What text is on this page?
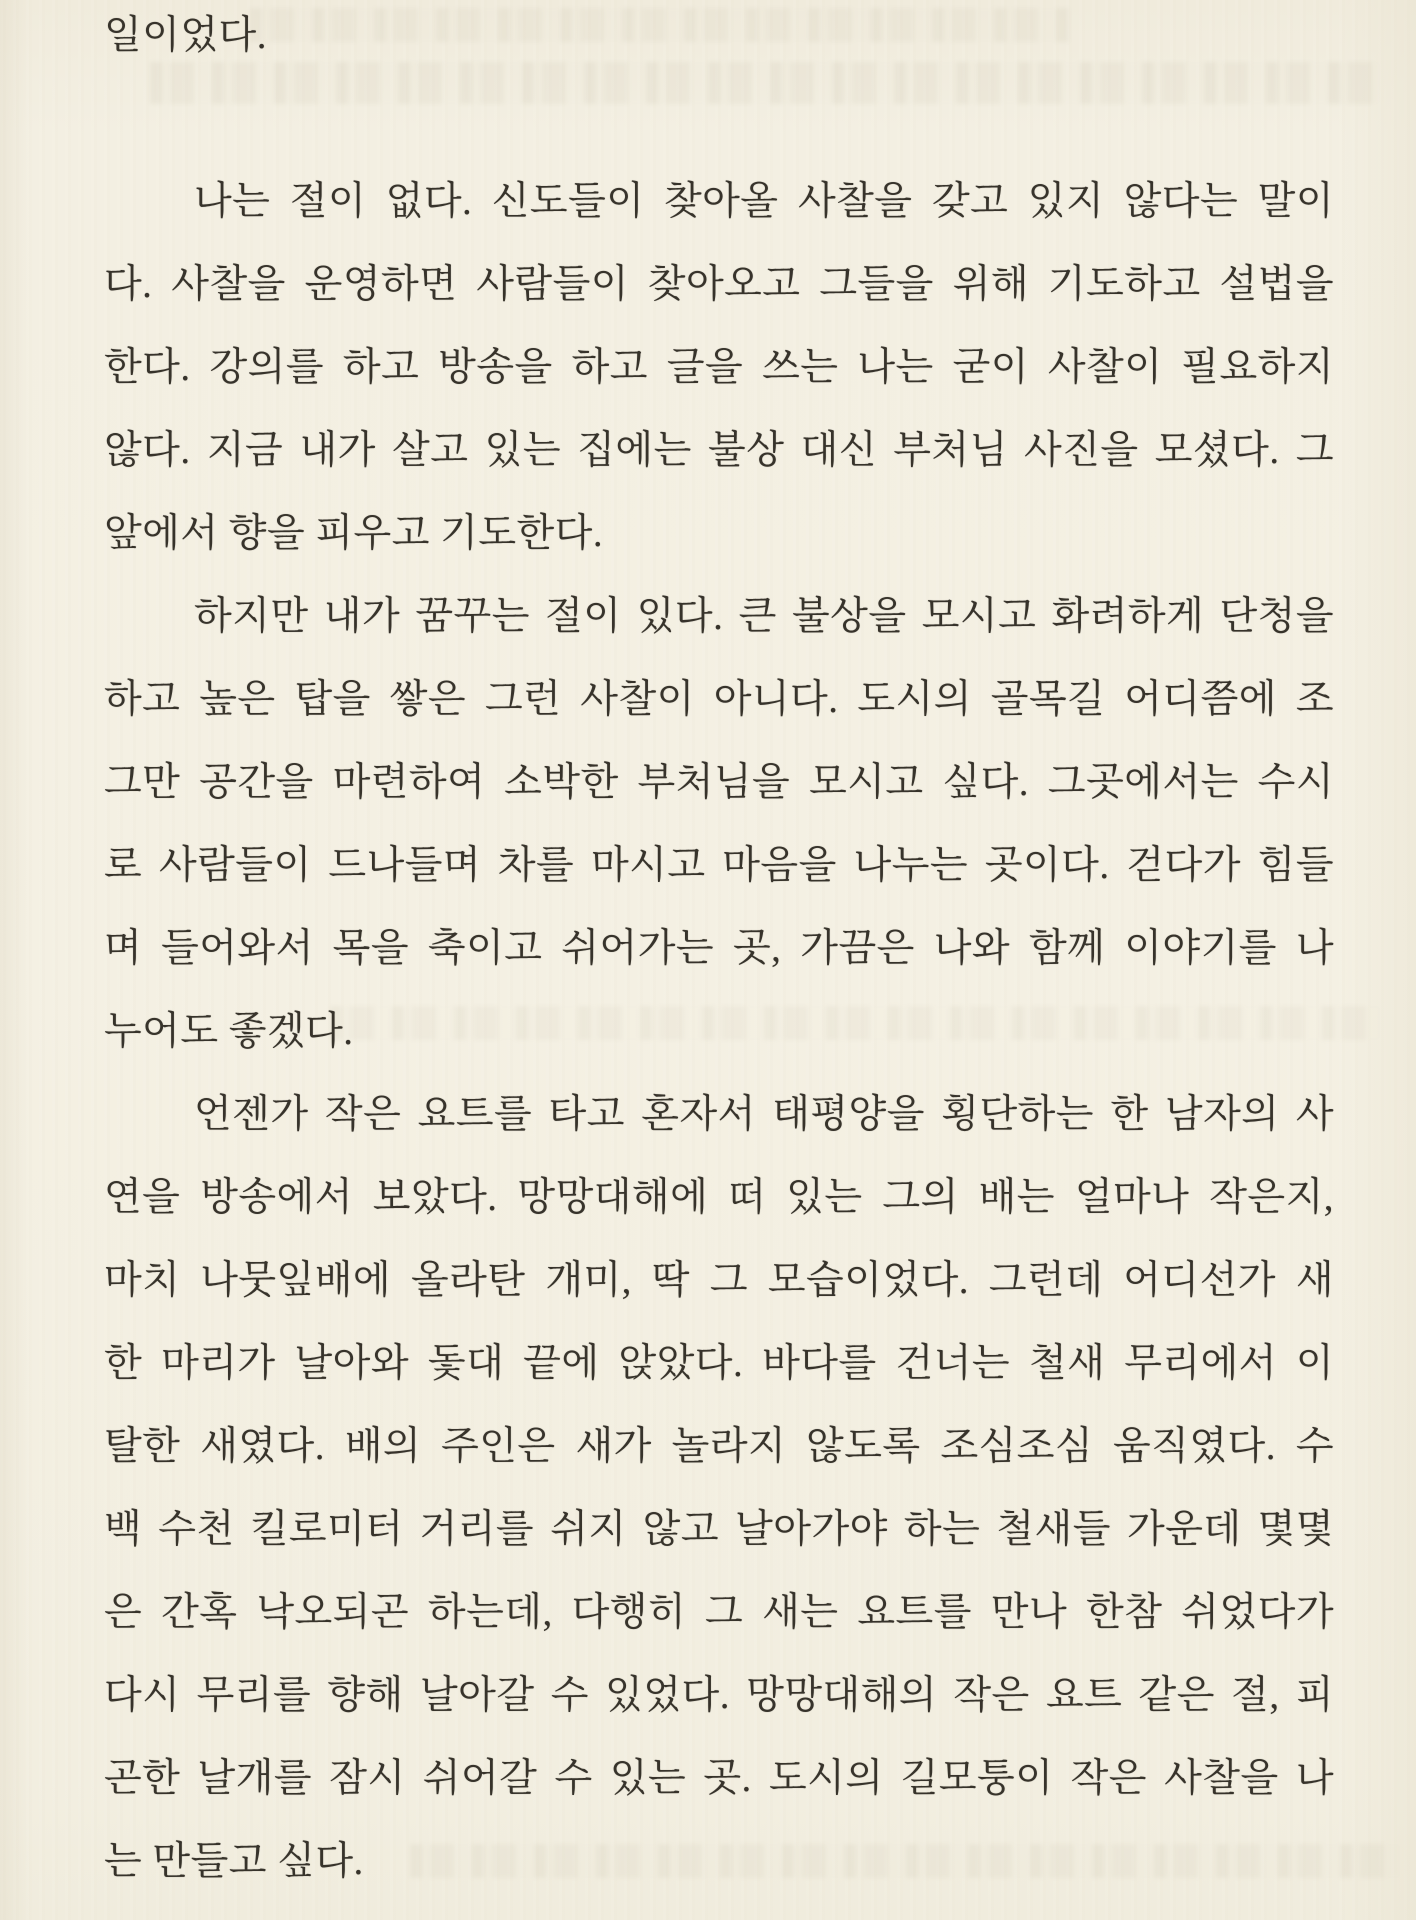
일이었다.
나는 절이 없다. 신도들이 찾아올 사찰을 갖고 있지 않다는 말이
다. 사찰을 운영하면 사람들이 찾아오고 그들을 위해 기도하고 설법을
한다. 강의를 하고 방송을 하고 글을 쓰는 나는 굳이 사찰이 필요하지
않다. 지금 내가 살고 있는 집에는 불상 대신 부처님 사진을 모셨다. 그
앞에서 향을 피우고 기도한다.
하지만 내가 꿈꾸는 절이 있다. 큰 불상을 모시고 화려하게 단청을
하고 높은 탑을 쌓은 그런 사찰이 아니다. 도시의 골목길 어디쯤에 조
그만 공간을 마련하여 소박한 부처님을 모시고 싶다. 그곳에서는 수시
로 사람들이 드나들며 차를 마시고 마음을 나누는 곳이다. 걷다가 힘들
며 들어와서 목을 축이고 쉬어가는 곳, 가끔은 나와 함께 이야기를 나
누어도 좋겠다.
언젠가 작은 요트를 타고 혼자서 태평양을 횡단하는 한 남자의 사
연을 방송에서 보았다. 망망대해에 떠 있는 그의 배는 얼마나 작은지,
마치 나뭇잎배에 올라탄 개미, 딱 그 모습이었다. 그런데 어디선가 새
한 마리가 날아와 돛대 끝에 앉았다. 바다를 건너는 철새 무리에서 이
탈한 새였다. 배의 주인은 새가 놀라지 않도록 조심조심 움직였다. 수
백 수천 킬로미터 거리를 쉬지 않고 날아가야 하는 철새들 가운데 몇몇
은 간혹 낙오되곤 하는데, 다행히 그 새는 요트를 만나 한참 쉬었다가
다시 무리를 향해 날아갈 수 있었다. 망망대해의 작은 요트 같은 절, 피
곤한 날개를 잠시 쉬어갈 수 있는 곳. 도시의 길모퉁이 작은 사찰을 나
는 만들고 싶다.
